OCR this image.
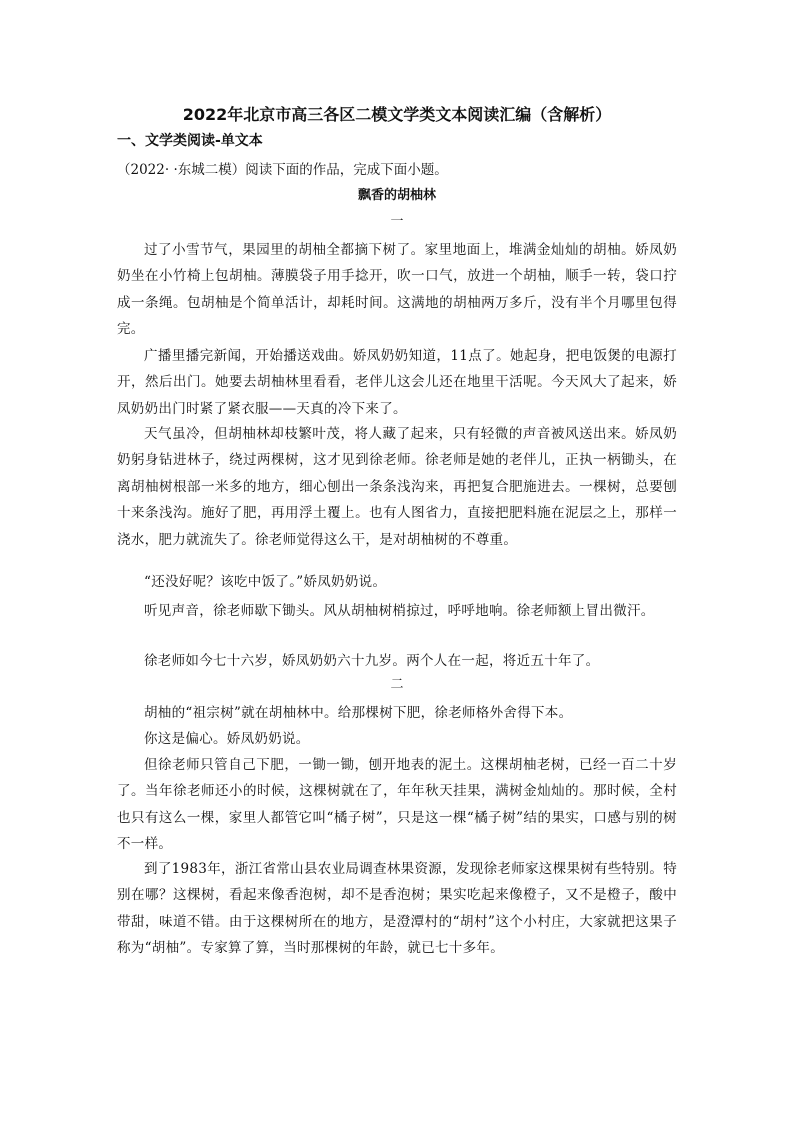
2022年北京市高三各区二模文学类文本阅读汇编（含解析）
一、文学类阅读-单文本
（2022· ·东城二模）阅读下面的作品，完成下面小题。
飘香的胡柚林
一

过了小雪节气，果园里的胡柚全都摘下树了。家里地面上，堆满金灿灿的胡柚。娇凤奶奶坐在小竹椅上包胡柚。薄膜袋子用手捻开，吹一口气，放进一个胡柚，顺手一转，袋口拧成一条绳。包胡柚是个简单活计，却耗时间。这满地的胡柚两万多斤，没有半个月哪里包得完。

广播里播完新闻，开始播送戏曲。娇凤奶奶知道，11点了。她起身，把电饭煲的电源打开，然后出门。她要去胡柚林里看看，老伴儿这会儿还在地里干活呢。今天风大了起来，娇凤奶奶出门时紧了紧衣服——天真的冷下来了。

天气虽冷，但胡柚林却枝繁叶茂，将人藏了起来，只有轻微的声音被风送出来。娇凤奶奶躬身钻进林子，绕过两棵树，这才见到徐老师。徐老师是她的老伴儿，正执一柄锄头，在离胡柚树根部一米多的地方，细心刨出一条条浅沟来，再把复合肥施进去。一棵树，总要刨十来条浅沟。施好了肥，再用浮土覆上。也有人图省力，直接把肥料施在泥层之上，那样一浇水，肥力就流失了。徐老师觉得这么干，是对胡柚树的不尊重。

“还没好呢？该吃中饭了。”娇凤奶奶说。

听见声音，徐老师歇下锄头。风从胡柚树梢掠过，呼呼地响。徐老师额上冒出微汗。

徐老师如今七十六岁，娇凤奶奶六十九岁。两个人在一起，将近五十年了。

二

胡柚的“祖宗树”就在胡柚林中。给那棵树下肥，徐老师格外舍得下本。

你这是偏心。娇凤奶奶说。

但徐老师只管自己下肥，一锄一锄，刨开地表的泥土。这棵胡柚老树，已经一百二十岁了。当年徐老师还小的时候，这棵树就在了，年年秋天挂果，满树金灿灿的。那时候，全村也只有这么一棵，家里人都管它叫“橘子树”，只是这一棵“橘子树”结的果实，口感与别的树不一样。

到了1983年，浙江省常山县农业局调查林果资源，发现徐老师家这棵果树有些特别。特别在哪？这棵树，看起来像香泡树，却不是香泡树；果实吃起来像橙子，又不是橙子，酸中带甜，味道不错。由于这棵树所在的地方，是澄潭村的“胡村”这个小村庄，大家就把这果子称为“胡柚”。专家算了算，当时那棵树的年龄，就已七十多年。
